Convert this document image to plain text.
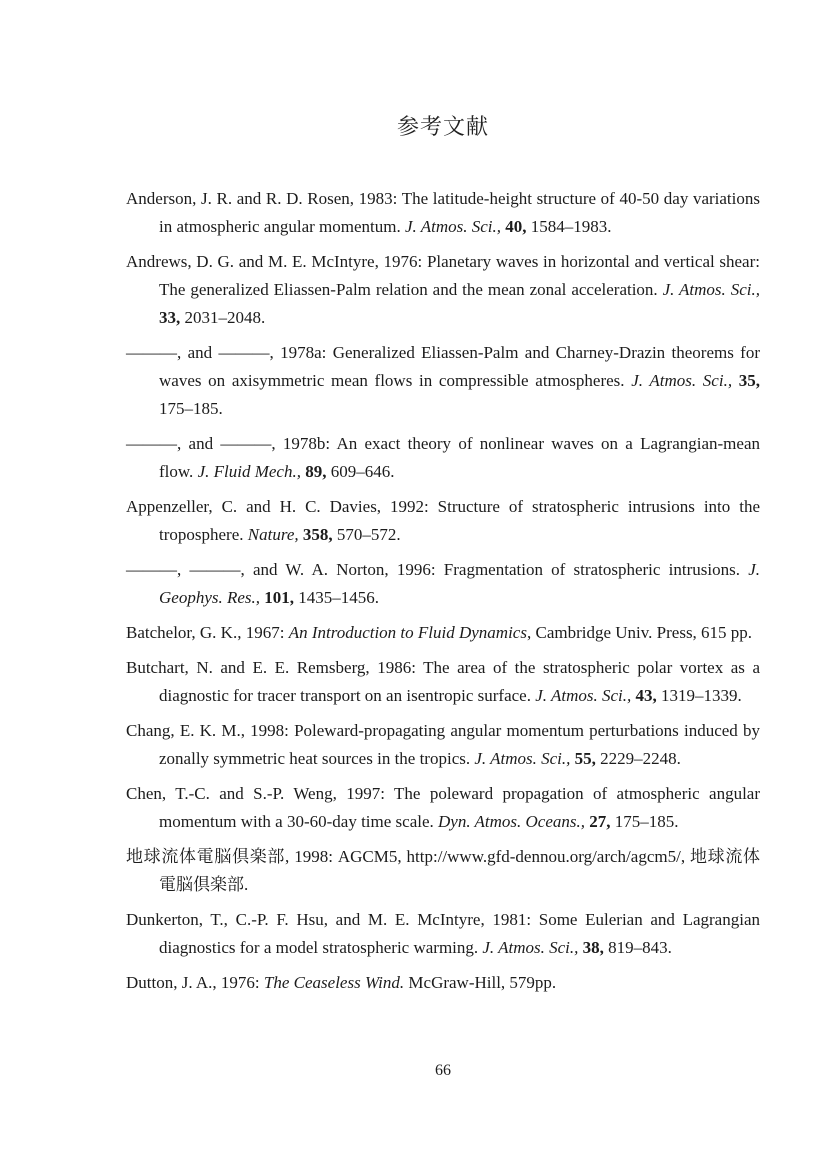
参考文献

Anderson, J. R. and R. D. Rosen, 1983: The latitude-height structure of 40-50 day variations in atmospheric angular momentum. J. Atmos. Sci., 40, 1584–1983.

Andrews, D. G. and M. E. McIntyre, 1976: Planetary waves in horizontal and vertical shear: The generalized Eliassen-Palm relation and the mean zonal acceleration. J. Atmos. Sci., 33, 2031–2048.

———, and ———, 1978a: Generalized Eliassen-Palm and Charney-Drazin theorems for waves on axisymmetric mean flows in compressible atmospheres. J. Atmos. Sci., 35, 175–185.

———, and ———, 1978b: An exact theory of nonlinear waves on a Lagrangian-mean flow. J. Fluid Mech., 89, 609–646.

Appenzeller, C. and H. C. Davies, 1992: Structure of stratospheric intrusions into the troposphere. Nature, 358, 570–572.

———, ———, and W. A. Norton, 1996: Fragmentation of stratospheric intrusions. J. Geophys. Res., 101, 1435–1456.

Batchelor, G. K., 1967: An Introduction to Fluid Dynamics, Cambridge Univ. Press, 615 pp.

Butchart, N. and E. E. Remsberg, 1986: The area of the stratospheric polar vortex as a diagnostic for tracer transport on an isentropic surface. J. Atmos. Sci., 43, 1319–1339.

Chang, E. K. M., 1998: Poleward-propagating angular momentum perturbations induced by zonally symmetric heat sources in the tropics. J. Atmos. Sci., 55, 2229–2248.

Chen, T.-C. and S.-P. Weng, 1997: The poleward propagation of atmospheric angular momentum with a 30-60-day time scale. Dyn. Atmos. Oceans., 27, 175–185.

地球流体電脳倶楽部, 1998: AGCM5, http://www.gfd-dennou.org/arch/agcm5/, 地球流体電脳倶楽部.

Dunkerton, T., C.-P. F. Hsu, and M. E. McIntyre, 1981: Some Eulerian and Lagrangian diagnostics for a model stratospheric warming. J. Atmos. Sci., 38, 819–843.

Dutton, J. A., 1976: The Ceaseless Wind. McGraw-Hill, 579pp.

66
